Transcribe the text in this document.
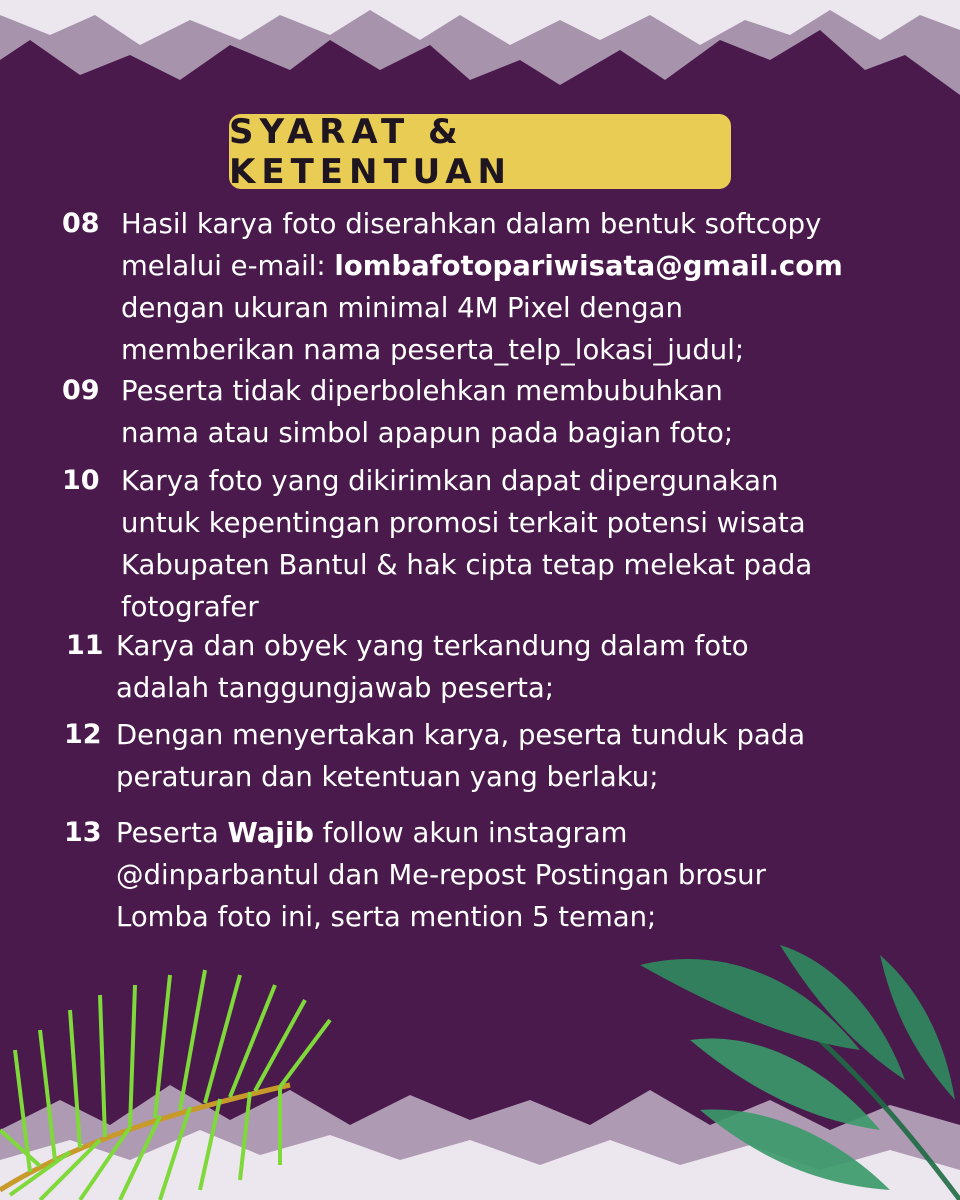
SYARAT & KETENTUAN
08 Hasil karya foto diserahkan dalam bentuk softcopy
melalui e-mail: lombafotopariwisata@gmail.com
dengan ukuran minimal 4M Pixel dengan
memberikan nama peserta_telp_lokasi_judul;
09 Peserta tidak diperbolehkan membubuhkan
nama atau simbol apapun pada bagian foto;
10 Karya foto yang dikirimkan dapat dipergunakan
untuk kepentingan promosi terkait potensi wisata
Kabupaten Bantul & hak cipta tetap melekat pada
fotografer
11 Karya dan obyek yang terkandung dalam foto
adalah tanggungjawab peserta;
12 Dengan menyertakan karya, peserta tunduk pada
peraturan dan ketentuan yang berlaku;
13 Peserta Wajib follow akun instagram
@dinparbantul dan Me-repost Postingan brosur
Lomba foto ini, serta mention 5 teman;
